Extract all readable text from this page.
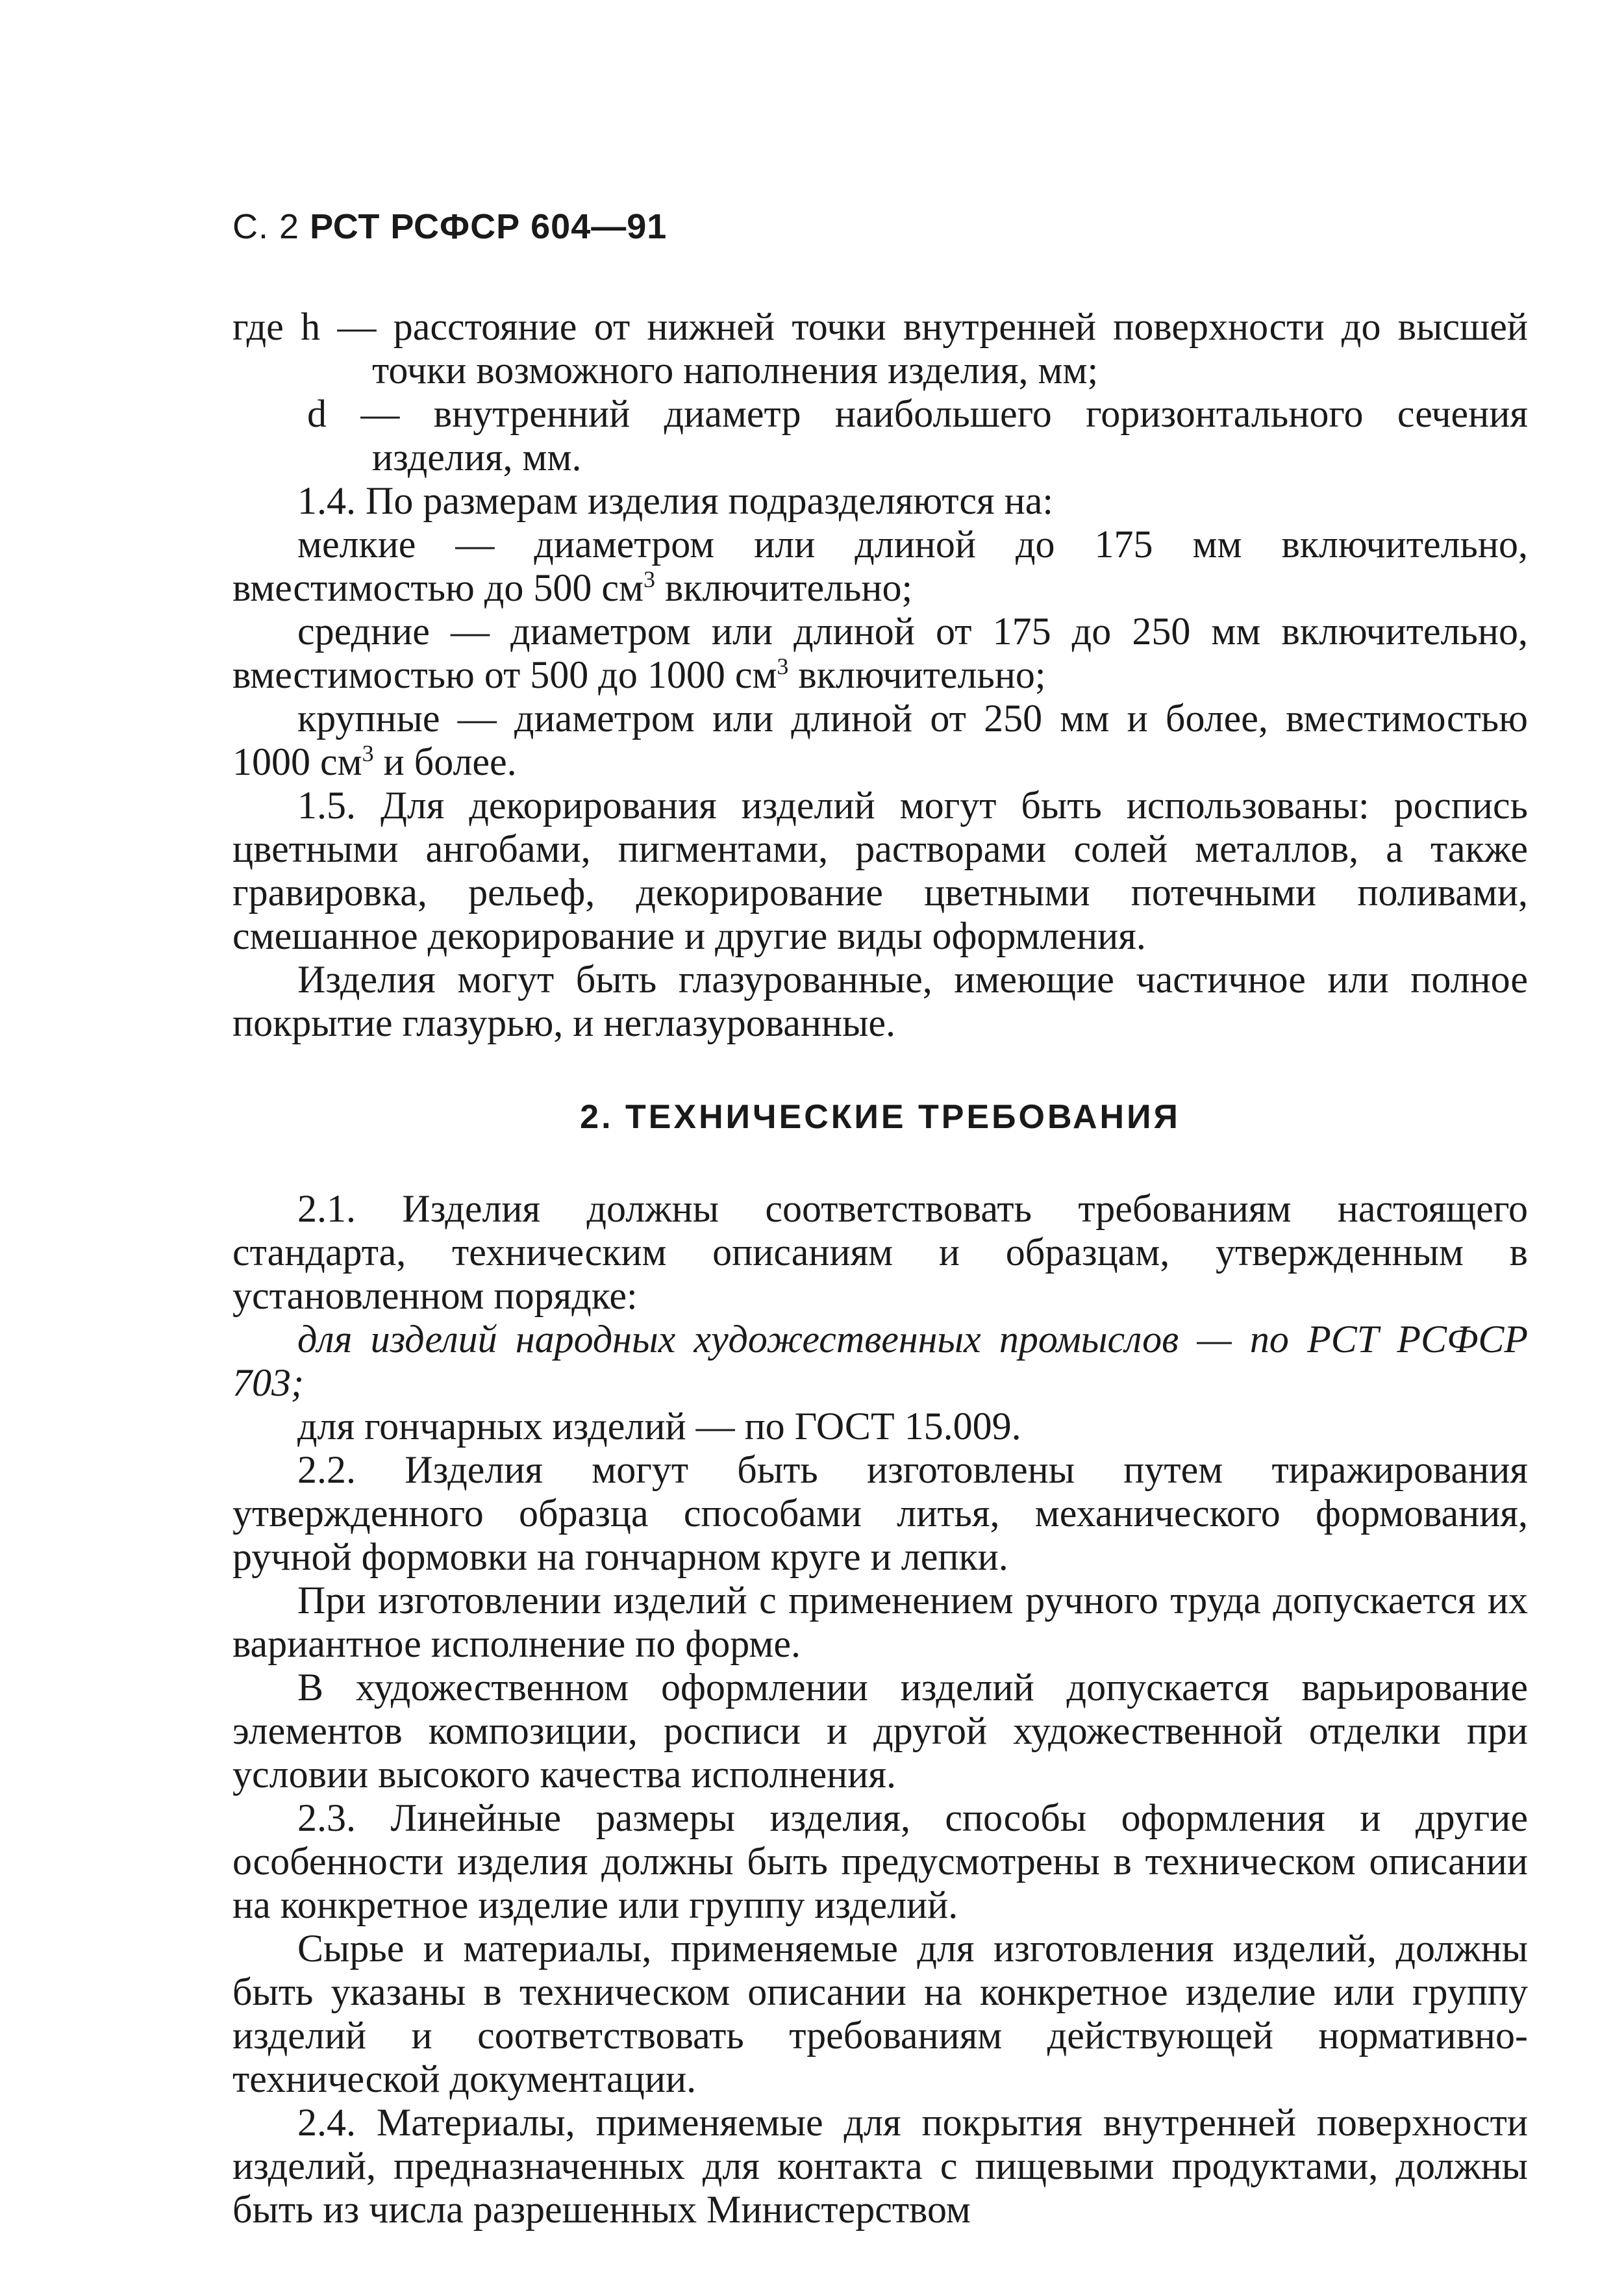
С. 2 РСТ РСФСР 604—91

где h — расстояние от нижней точки внутренней поверхности до высшей точки возможного наполнения изделия, мм;

d — внутренний диаметр наибольшего горизонтального сечения изделия, мм.

1.4. По размерам изделия подразделяются на:

мелкие — диаметром или длиной до 175 мм включительно, вместимостью до 500 $см^3$ включительно;

средние — диаметром или длиной от 175 до 250 мм включительно, вместимостью от 500 до 1000 $см^3$ включительно;

крупные — диаметром или длиной от 250 мм и более, вместимостью 1000 $см^3$ и более.

1.5. Для декорирования изделий могут быть использованы: роспись цветными ангобами, пигментами, растворами солей металлов, а также гравировка, рельеф, декорирование цветными потечными поливами, смешанное декорирование и другие виды оформления.

Изделия могут быть глазурованные, имеющие частичное или полное покрытие глазурью, и неглазурованные.

2. ТЕХНИЧЕСКИЕ ТРЕБОВАНИЯ

2.1. Изделия должны соответствовать требованиям настоящего стандарта, техническим описаниям и образцам, утвержденным в установленном порядке:

для изделий народных художественных промыслов — по РСТ РСФСР 703;

для гончарных изделий — по ГОСТ 15.009.

2.2. Изделия могут быть изготовлены путем тиражирования утвержденного образца способами литья, механического формования, ручной формовки на гончарном круге и лепки.

При изготовлении изделий с применением ручного труда допускается их вариантное исполнение по форме.

В художественном оформлении изделий допускается варьирование элементов композиции, росписи и другой художественной отделки при условии высокого качества исполнения.

2.3. Линейные размеры изделия, способы оформления и другие особенности изделия должны быть предусмотрены в техническом описании на конкретное изделие или группу изделий.

Сырье и материалы, применяемые для изготовления изделий, должны быть указаны в техническом описании на конкретное изделие или группу изделий и соответствовать требованиям действующей нормативно-технической документации.

2.4. Материалы, применяемые для покрытия внутренней поверхности изделий, предназначенных для контакта с пищевыми продуктами, должны быть из числа разрешенных Министерством
